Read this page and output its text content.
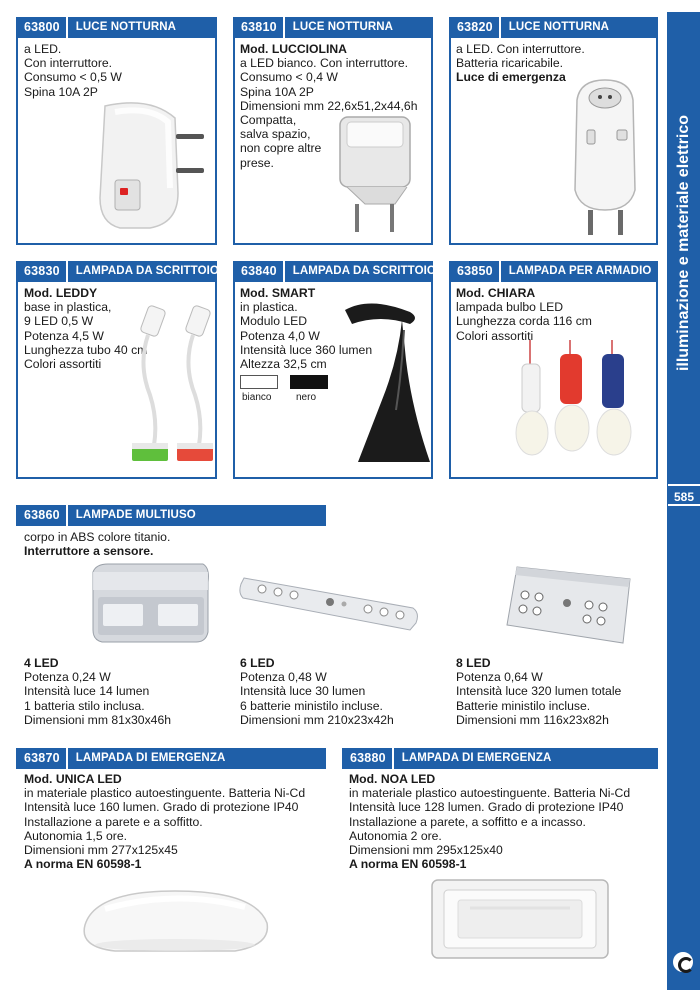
illuminazione e materiale elettrico
585
63800	LUCE NOTTURNA
a LED.
Con interruttore.
Consumo < 0,5 W
Spina 10A 2P
63810	LUCE NOTTURNA
Mod. LUCCIOLINA
a LED bianco. Con interruttore.
Consumo < 0,4 W
Spina 10A 2P
Dimensioni mm 22,6x51,2x44,6h
Compatta,
salva spazio,
non copre altre
prese.
63820	LUCE NOTTURNA
a LED. Con interruttore.
Batteria ricaricabile.
Luce di emergenza
63830	LAMPADA DA SCRITTOIO
Mod. LEDDY
base in plastica,
9 LED 0,5 W
Potenza 4,5 W
Lunghezza tubo 40 cm
Colori assortiti
63840	LAMPADA DA SCRITTOIO
Mod. SMART
in plastica.
Modulo LED
Potenza 4,0 W
Intensità luce 360 lumen
Altezza 32,5 cm
bianco nero
63850	LAMPADA PER ARMADIO
Mod. CHIARA
lampada bulbo LED
Lunghezza corda 116 cm
Colori assortiti
63860	LAMPADE MULTIUSO
corpo in ABS colore titanio.
Interruttore a sensore.
4 LED
Potenza 0,24 W
Intensità luce 14 lumen
1 batteria stilo inclusa.
Dimensioni mm 81x30x46h
6 LED
Potenza 0,48 W
Intensità luce 30 lumen
6 batterie ministilo incluse.
Dimensioni mm 210x23x42h
8 LED
Potenza 0,64 W
Intensità luce 320 lumen totale
Batterie ministilo incluse.
Dimensioni mm 116x23x82h
63870	LAMPADA DI EMERGENZA
Mod. UNICA LED
in materiale plastico autoestinguente. Batteria Ni-Cd
Intensità luce 160 lumen. Grado di protezione IP40
Installazione a parete e a soffitto.
Autonomia 1,5 ore.
Dimensioni mm 277x125x45
A norma EN 60598-1
63880	LAMPADA DI EMERGENZA
Mod. NOA LED
in materiale plastico autoestinguente. Batteria Ni-Cd
Intensità luce 128 lumen. Grado di protezione IP40
Installazione a parete, a soffitto e a incasso.
Autonomia 2 ore.
Dimensioni mm 295x125x40
A norma EN 60598-1
